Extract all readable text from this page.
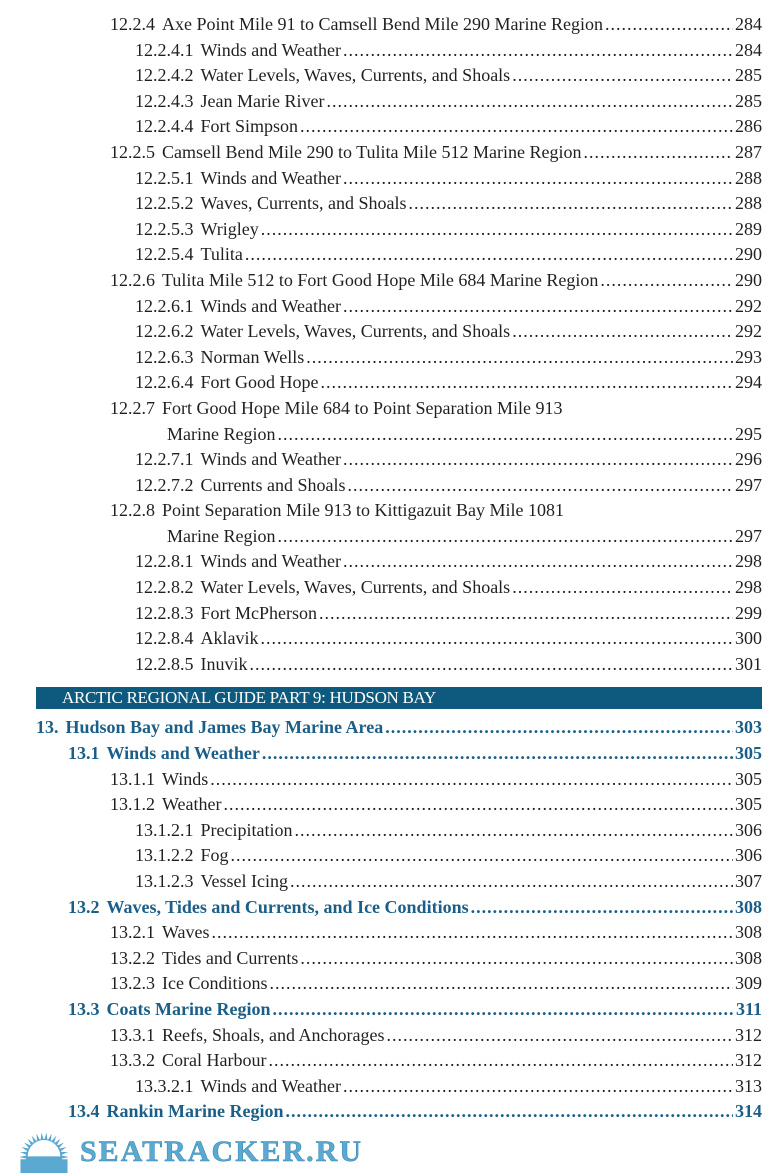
12.2.4 Axe Point Mile 91 to Camsell Bend Mile 290 Marine Region .....	284
12.2.4.1 Winds and Weather .....	284
12.2.4.2 Water Levels, Waves, Currents, and Shoals .....	285
12.2.4.3 Jean Marie River .....	285
12.2.4.4 Fort Simpson .....	286
12.2.5 Camsell Bend Mile 290 to Tulita Mile 512 Marine Region .....	287
12.2.5.1 Winds and Weather .....	288
12.2.5.2 Waves, Currents, and Shoals .....	288
12.2.5.3 Wrigley .....	289
12.2.5.4 Tulita .....	290
12.2.6 Tulita Mile 512 to Fort Good Hope Mile 684 Marine Region .....	290
12.2.6.1 Winds and Weather .....	292
12.2.6.2 Water Levels, Waves, Currents, and Shoals .....	292
12.2.6.3 Norman Wells .....	293
12.2.6.4 Fort Good Hope .....	294
12.2.7 Fort Good Hope Mile 684 to Point Separation Mile 913
Marine Region .....	295
12.2.7.1 Winds and Weather .....	296
12.2.7.2 Currents and Shoals .....	297
12.2.8 Point Separation Mile 913 to Kittigazuit Bay Mile 1081
Marine Region .....	297
12.2.8.1 Winds and Weather .....	298
12.2.8.2 Water Levels, Waves, Currents, and Shoals .....	298
12.2.8.3 Fort McPherson .....	299
12.2.8.4 Aklavik .....	300
12.2.8.5 Inuvik .....	301
ARCTIC REGIONAL GUIDE PART 9: HUDSON BAY
13. Hudson Bay and James Bay Marine Area .....	303
13.1 Winds and Weather .....	305
13.1.1 Winds .....	305
13.1.2 Weather .....	305
13.1.2.1 Precipitation .....	306
13.1.2.2 Fog .....	306
13.1.2.3 Vessel Icing .....	307
13.2 Waves, Tides and Currents, and Ice Conditions .....	308
13.2.1 Waves .....	308
13.2.2 Tides and Currents .....	308
13.2.3 Ice Conditions .....	309
13.3 Coats Marine Region .....	311
13.3.1 Reefs, Shoals, and Anchorages .....	312
13.3.2 Coral Harbour .....	312
13.3.2.1 Winds and Weather .....	313
13.4 Rankin Marine Region .....	314
SEATRACKER.RU
